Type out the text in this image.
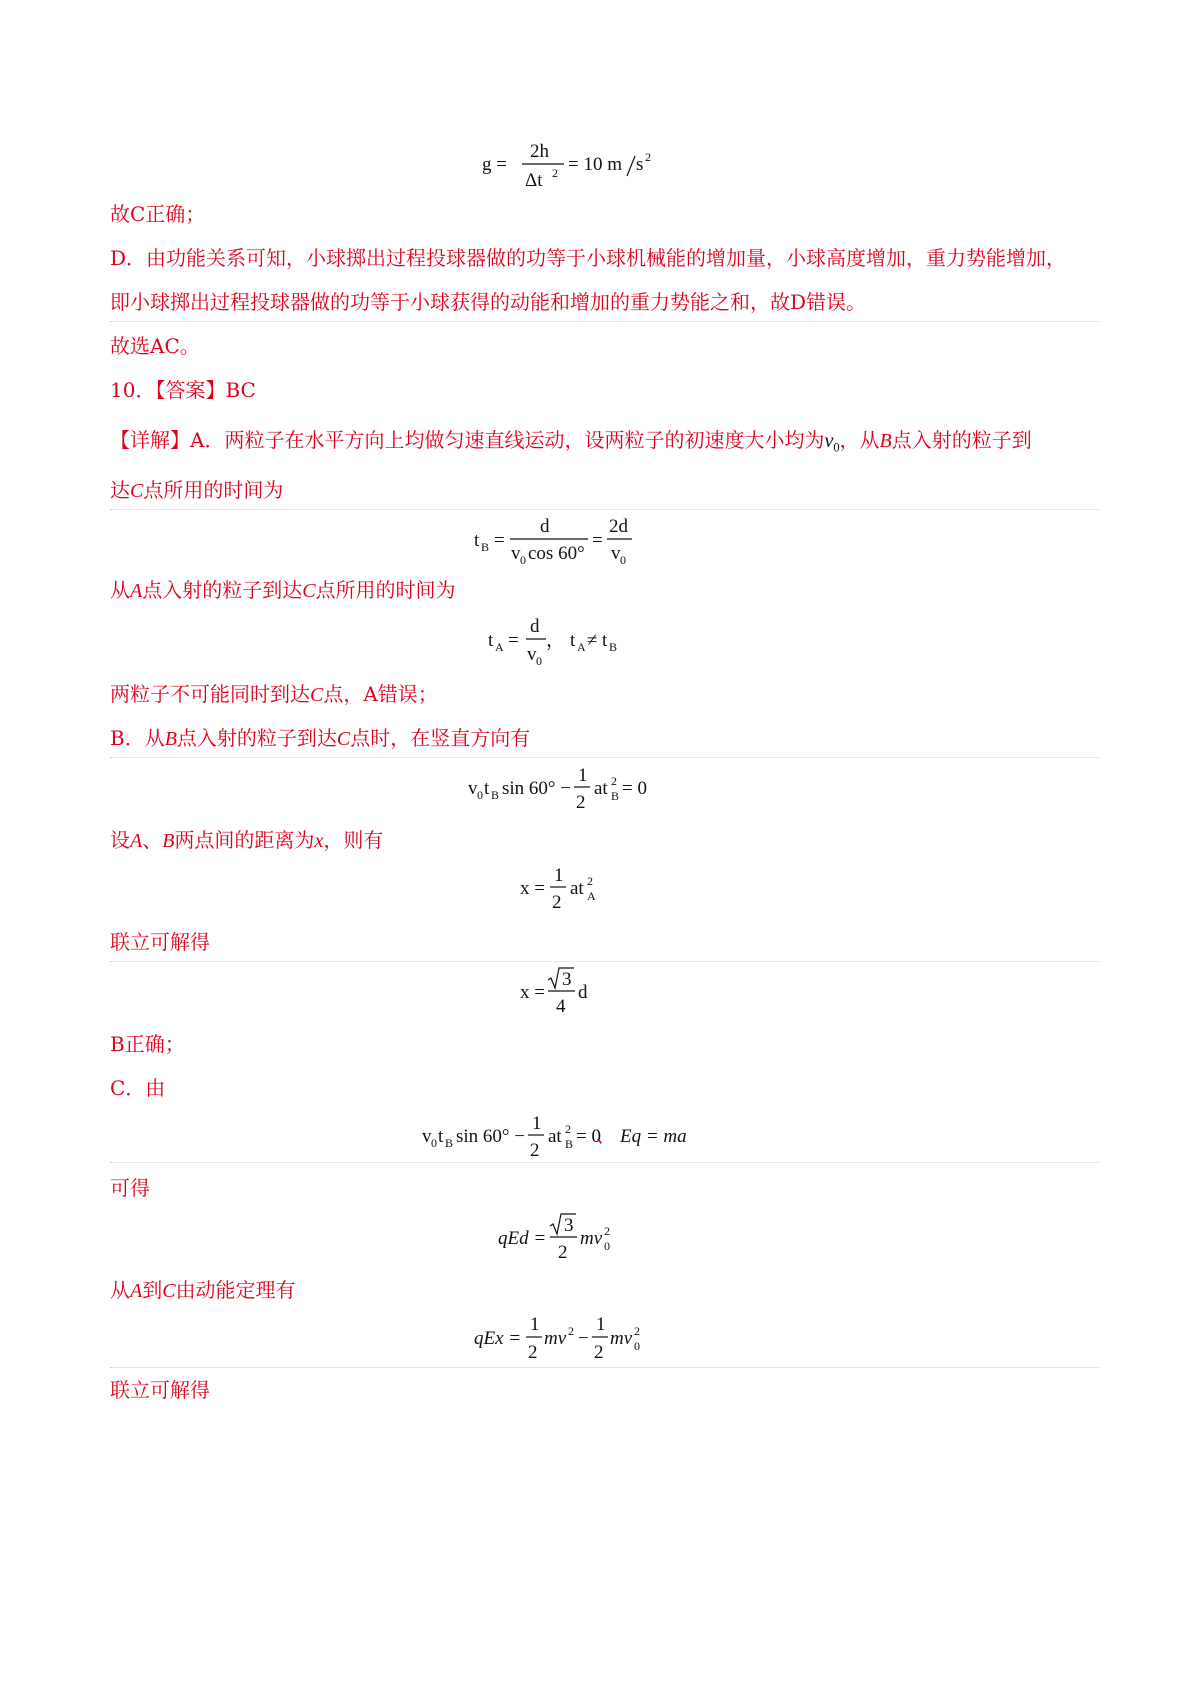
g =
2h
Δt 2 = 10 m s 2

故C正确；

D．由功能关系可知，小球掷出过程投球器做的功等于小球机械能的增加量，小球高度增加，重力势能增加，

即小球掷出过程投球器做的功等于小球获得的动能和增加的重力势能之和，故D错误。

故选AC。

10．【答案】BC

【详解】A．两粒子在水平方向上均做匀速直线运动，设两粒子的初速度大小均为$v_0$，从B点入射的粒子到

达C点所用的时间为

t B =
d
v 0 cos 60°
=
2d
v 0

从A点入射的粒子到达C点所用的时间为

t A =
d
v 0
， t A ≠ t B

两粒子不可能同时到达C点，A错误；

B．从B点入射的粒子到达C点时，在竖直方向有

v 0 t B sin 60° −
1
2
at 2
B = 0

设A、B两点间的距离为x，则有

x =
1
2
at 2
A

联立可解得

x =
3
4
d

B正确；

C．由

v 0 t B sin 60° −
1
2
at 2
B = 0
、 Eq = ma

可得

qEd =
3
2
mv 2
0

从A到C由动能定理有

qEx =
1
2
mv 2 −
1
2
mv 2
0

联立可解得
